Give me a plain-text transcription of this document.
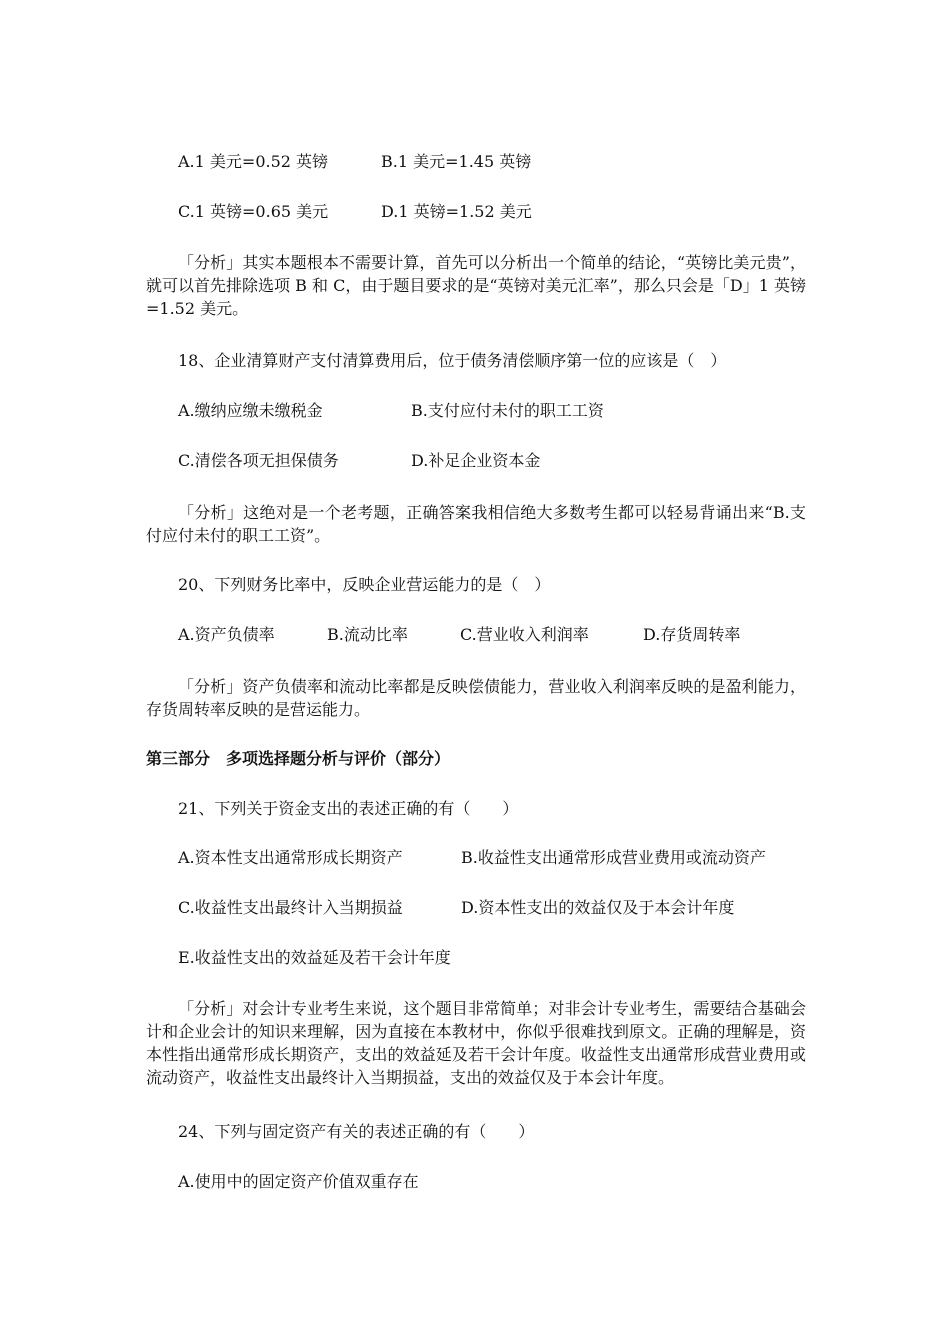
A.1 美元=0.52 英镑	B.1 美元=1.45 英镑
C.1 英镑=0.65 美元	D.1 英镑=1.52 美元
「分析」其实本题根本不需要计算，首先可以分析出一个简单的结论，“英镑比美元贵”，就可以首先排除选项 B 和 C，由于题目要求的是“英镑对美元汇率”，那么只会是「D」1 英镑=1.52 美元。
18、企业清算财产支付清算费用后，位于债务清偿顺序第一位的应该是（　）
A.缴纳应缴未缴税金	B.支付应付未付的职工工资
C.清偿各项无担保债务	D.补足企业资本金
「分析」这绝对是一个老考题，正确答案我相信绝大多数考生都可以轻易背诵出来“B.支付应付未付的职工工资”。
20、下列财务比率中，反映企业营运能力的是（　）
A.资产负债率	B.流动比率	C.营业收入利润率	D.存货周转率
「分析」资产负债率和流动比率都是反映偿债能力，营业收入利润率反映的是盈利能力，存货周转率反映的是营运能力。
第三部分　多项选择题分析与评价（部分）
21、下列关于资金支出的表述正确的有（　　）
A.资本性支出通常形成长期资产	B.收益性支出通常形成营业费用或流动资产
C.收益性支出最终计入当期损益	D.资本性支出的效益仅及于本会计年度
E.收益性支出的效益延及若干会计年度
「分析」对会计专业考生来说，这个题目非常简单；对非会计专业考生，需要结合基础会计和企业会计的知识来理解，因为直接在本教材中，你似乎很难找到原文。正确的理解是，资本性指出通常形成长期资产，支出的效益延及若干会计年度。收益性支出通常形成营业费用或流动资产，收益性支出最终计入当期损益，支出的效益仅及于本会计年度。
24、下列与固定资产有关的表述正确的有（　　）
A.使用中的固定资产价值双重存在
